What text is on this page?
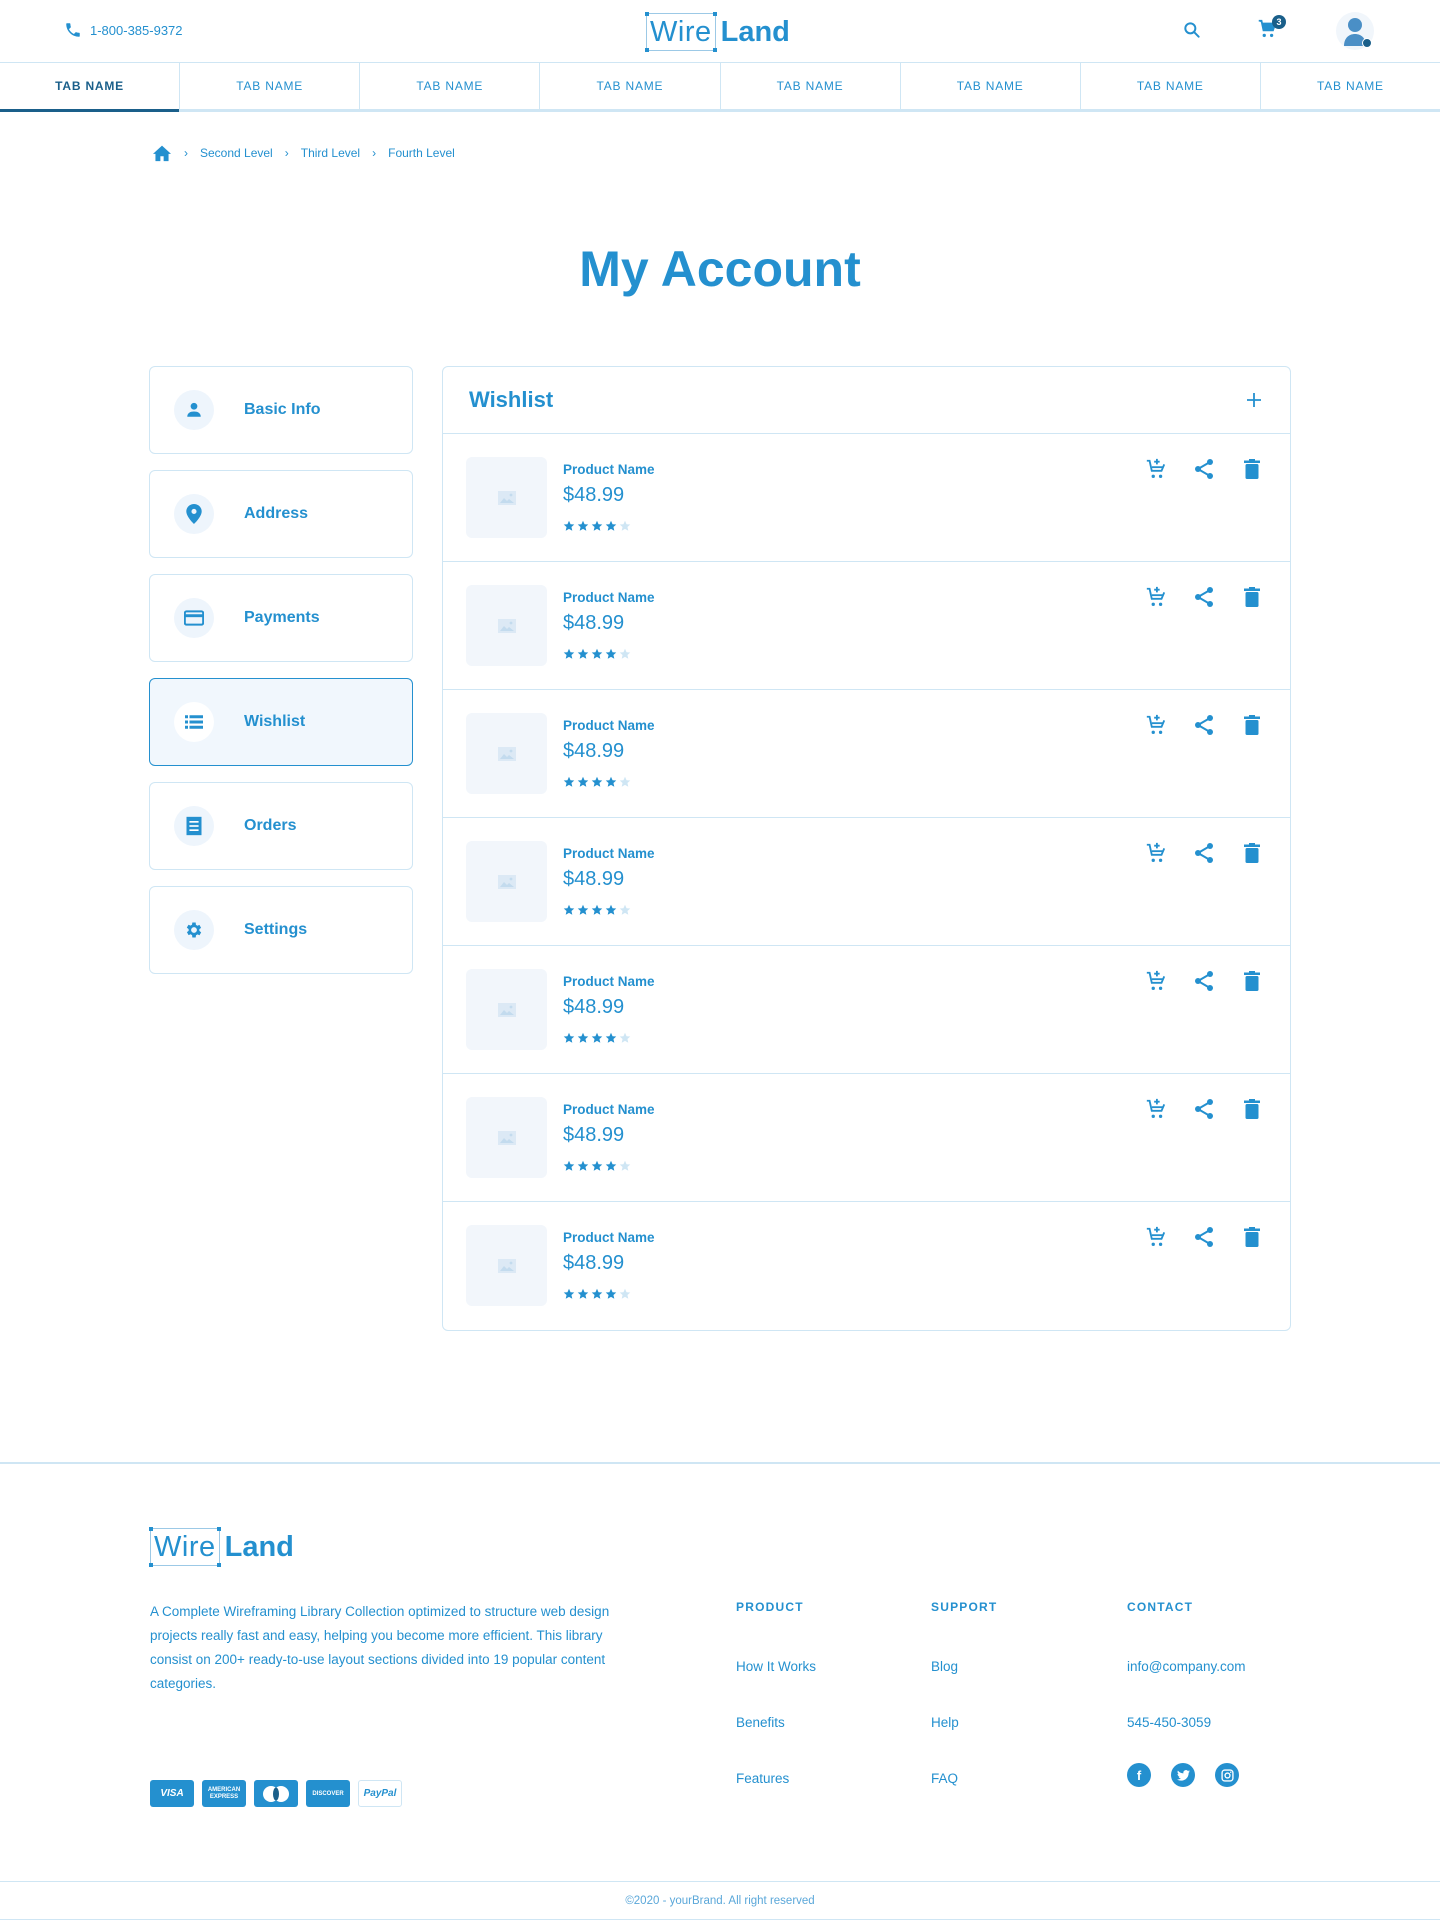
1-800-385-9372	Wire Land	3
TAB NAME	TAB NAME	TAB NAME	TAB NAME	TAB NAME	TAB NAME	TAB NAME	TAB NAME
› Second Level › Third Level › Fourth Level
My Account
Basic Info
Address
Payments
Wishlist
Orders
Settings
Wishlist
Product Name
$48.99
Product Name
$48.99
Product Name
$48.99
Product Name
$48.99
Product Name
$48.99
Product Name
$48.99
Product Name
$48.99
Wire Land

A Complete Wireframing Library Collection optimized to structure web design projects really fast and easy, helping you become more efficient. This library consist on 200+ ready-to-use layout sections divided into 19 popular content categories.

VISA	AMERICAN EXPRESS	DISCOVER	PayPal
PRODUCT
How It Works
Benefits
Features
SUPPORT
Blog
Help
FAQ
CONTACT
info@company.com
545-450-3059
f
©2020 - yourBrand. All right reserved
